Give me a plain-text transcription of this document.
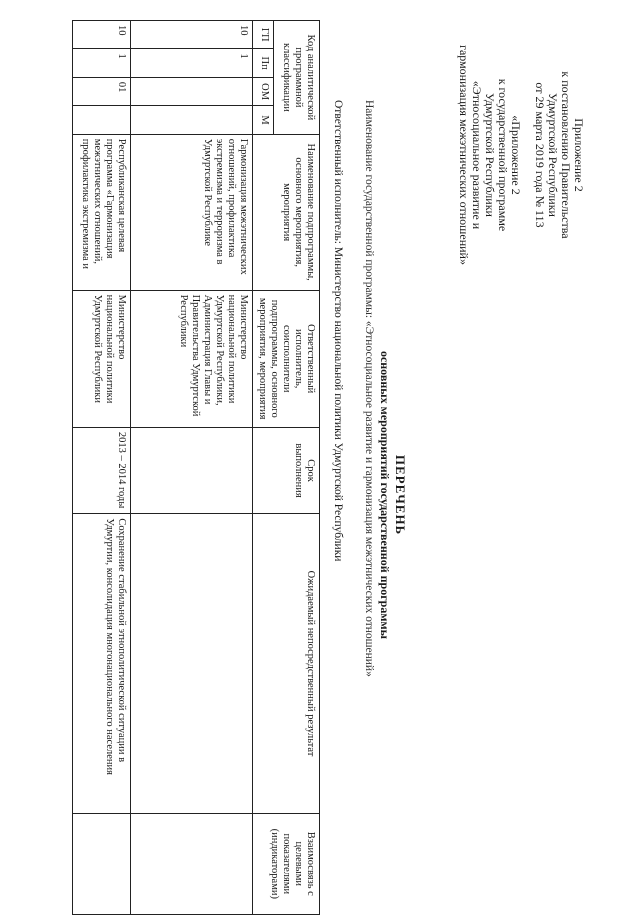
Приложение 2
к постановлению Правительства
Удмуртской Республики
от 29 марта 2019 года № 113
«Приложение 2
к государственной программе
Удмуртской Республики
«Этносоциальное развитие и
гармонизация межэтнических отношений»
ПЕРЕЧЕНЬ
основных мероприятий государственной программы
Наименование государственной программы: «Этносоциальное развитие и гармонизация межэтнических отношений»
Ответственный исполнитель: Министерство национальной политики Удмуртской Республики
Код аналитической программной классификации				Наименование подпрограммы, основного мероприятия, мероприятия	Ответственный исполнитель, соисполнители подпрограммы, основного мероприятия, мероприятия	Срок выполнения	Ожидаемый непосредственный результат	Взаимосвязь с целевыми показателями (индикаторами)
ГП	Пп	ОМ	М					
10	1			Гармонизация межэтнических отношений, профилактика экстремизма и терроризма в Удмуртской Республике	Министерство национальной политики Удмуртской Республики, Администрация Главы и Правительства Удмуртской Республики			
10	1	01		Республиканская целевая программа «Гармонизация межэтнических отношений, профилактика экстремизма и	Министерство национальной политики Удмуртской Республики	2013 – 2014 годы	Сохранение стабильной этнополитической ситуации в Удмуртии, консолидация многонационального населения	
